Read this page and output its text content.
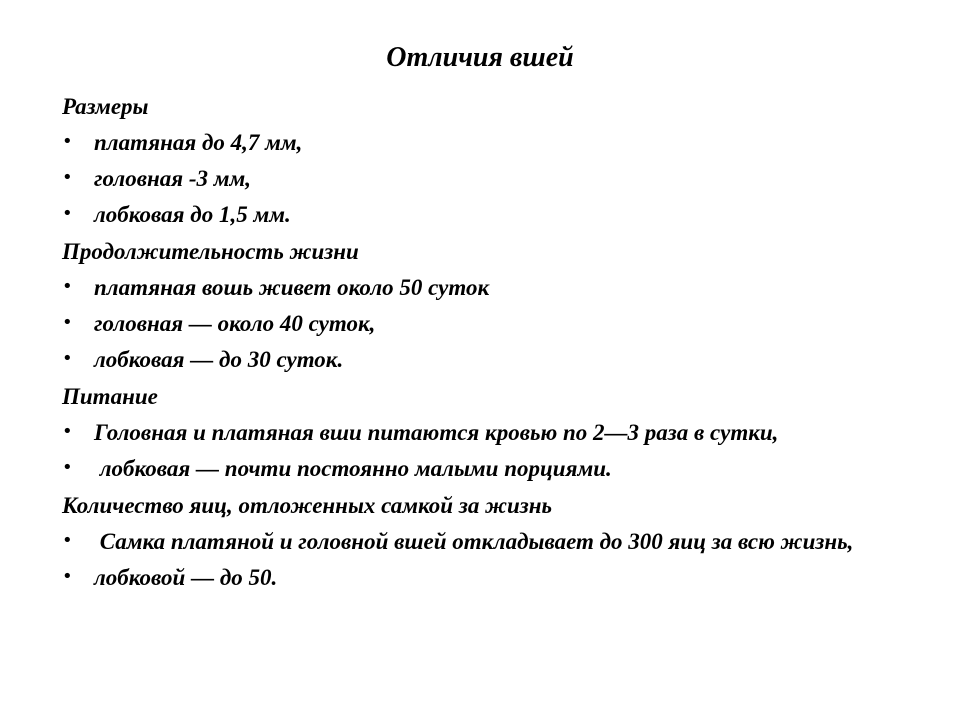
Отличия вшей
Размеры
• платяная до 4,7 мм,
• головная -3 мм,
• лобковая до 1,5 мм.
Продолжительность жизни
• платяная вошь живет около 50 суток
• головная — около 40 суток,
• лобковая — до 30 суток.
Питание
• Головная и платяная вши питаются кровью по 2—3 раза в сутки,
• лобковая — почти постоянно малыми порциями.
Количество яиц, отложенных самкой за жизнь
• Самка платяной и головной вшей откладывает до 300 яиц за всю жизнь,
• лобковой — до 50.
